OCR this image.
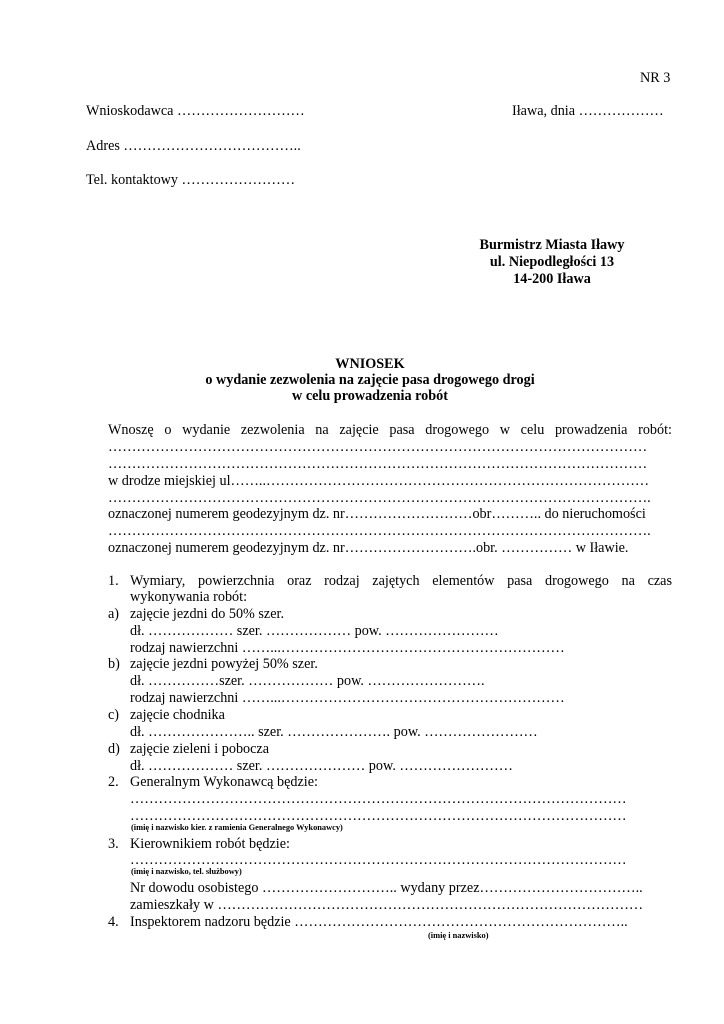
NR 3
Wnioskodawca ………………………	Iława, dnia ………………
Adres ………………………………..
Tel. kontaktowy ……………………
Burmistrz Miasta Iławy
ul. Niepodległości 13
14-200 Iława
WNIOSEK
o wydanie zezwolenia na zajęcie pasa drogowego drogi
w celu prowadzenia robót
Wnoszę o wydanie zezwolenia na zajęcie pasa drogowego w celu prowadzenia robót:
……………………………………………………………………………………………………
……………………………………………………………………………………………………
w drodze miejskiej ul……..………………………………………………………………………
…………………………………………………………………………………………………….
oznaczonej numerem geodezyjnym dz. nr………………………obr……….. do nieruchomości
…………………………………………………………………………………………………….
oznaczonej numerem geodezyjnym dz. nr……………………….obr. …………… w Iławie.
1. Wymiary, powierzchnia oraz rodzaj zajętych elementów pasa drogowego na czas
wykonywania robót:
a) zajęcie jezdni do 50% szer.
dł. ……………… szer. ……………… pow. ……………………
rodzaj nawierzchni ……...……………………………………………………
b) zajęcie jezdni powyżej 50% szer.
dł. ……………szer. ……………… pow. …………………….
rodzaj nawierzchni ……...……………………………………………………
c) zajęcie chodnika
dł. ………………….. szer. …………………. pow. ……………………
d) zajęcie zieleni i pobocza
dł. ……………… szer. ………………… pow. ……………………
2. Generalnym Wykonawcą będzie:
……………………………………………………………………………………………
……………………………………………………………………………………………
(imię i nazwisko kier. z ramienia Generalnego Wykonawcy)
3. Kierownikiem robót będzie:
……………………………………………………………………………………………
(imię i nazwisko, tel. służbowy)
Nr dowodu osobistego ……………………….. wydany przez……………………………..
zamieszkały w ………………………………………………………………………………
4. Inspektorem nadzoru będzie ……………………………………………………………..
(imię i nazwisko)
